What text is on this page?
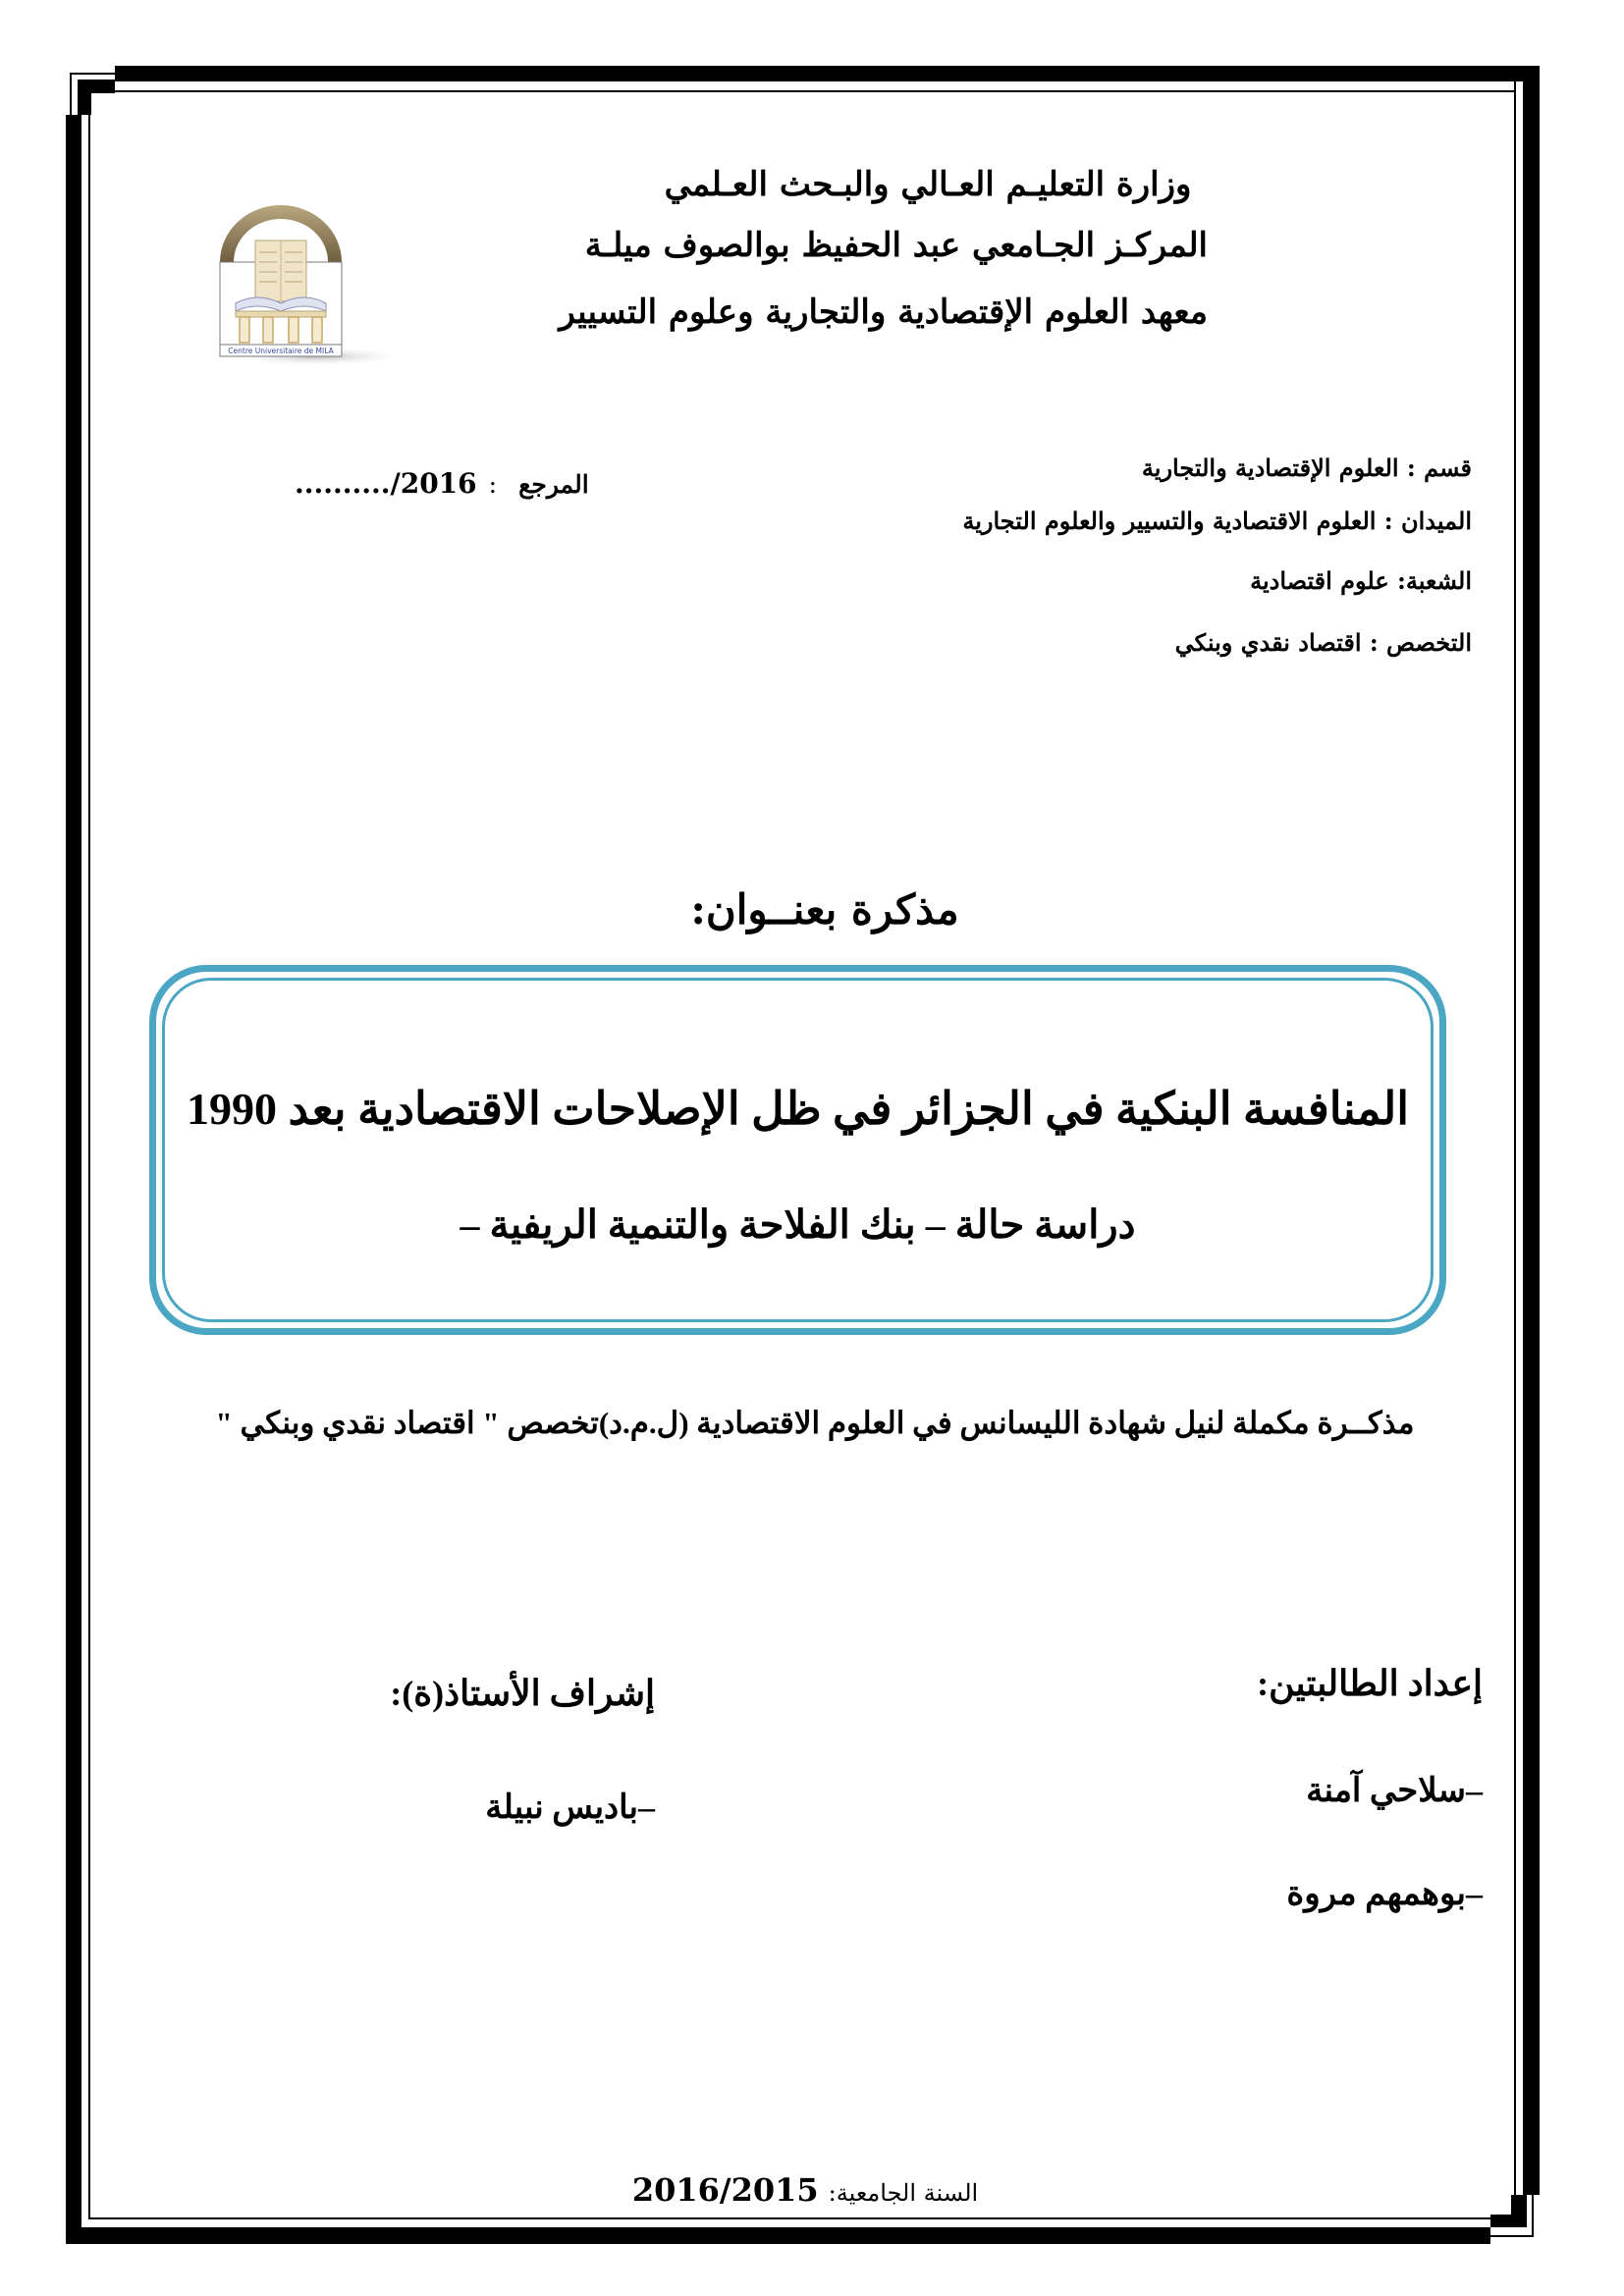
وزارة التعليـم العـالي والبـحث العـلمي
المركـز الجـامعي عبد الحفيظ بوالصوف ميلـة
معهد العلوم الإقتصادية والتجارية وعلوم التسيير
Centre Universitaire de MILA
قسم : العلوم الإقتصادية والتجارية
الميدان : العلوم الاقتصادية والتسيير والعلوم التجارية
الشعبة: علوم اقتصادية
التخصص : اقتصاد نقدي وبنكي
........../2016 : المرجع
مذكرة بعنــوان:
المنافسة البنكية في الجزائر في ظل الإصلاحات الاقتصادية بعد 1990
دراسة حالة – بنك الفلاحة والتنمية الريفية –
مذكــرة مكملة لنيل شهادة الليسانس في العلوم الاقتصادية (ل.م.د)تخصص " اقتصاد نقدي وبنكي "
إعداد الطالبتين:
–سلاحي آمنة
–بوهمهم مروة
إشراف الأستاذ(ة):
–باديس نبيلة
2016/2015 السنة الجامعية:
